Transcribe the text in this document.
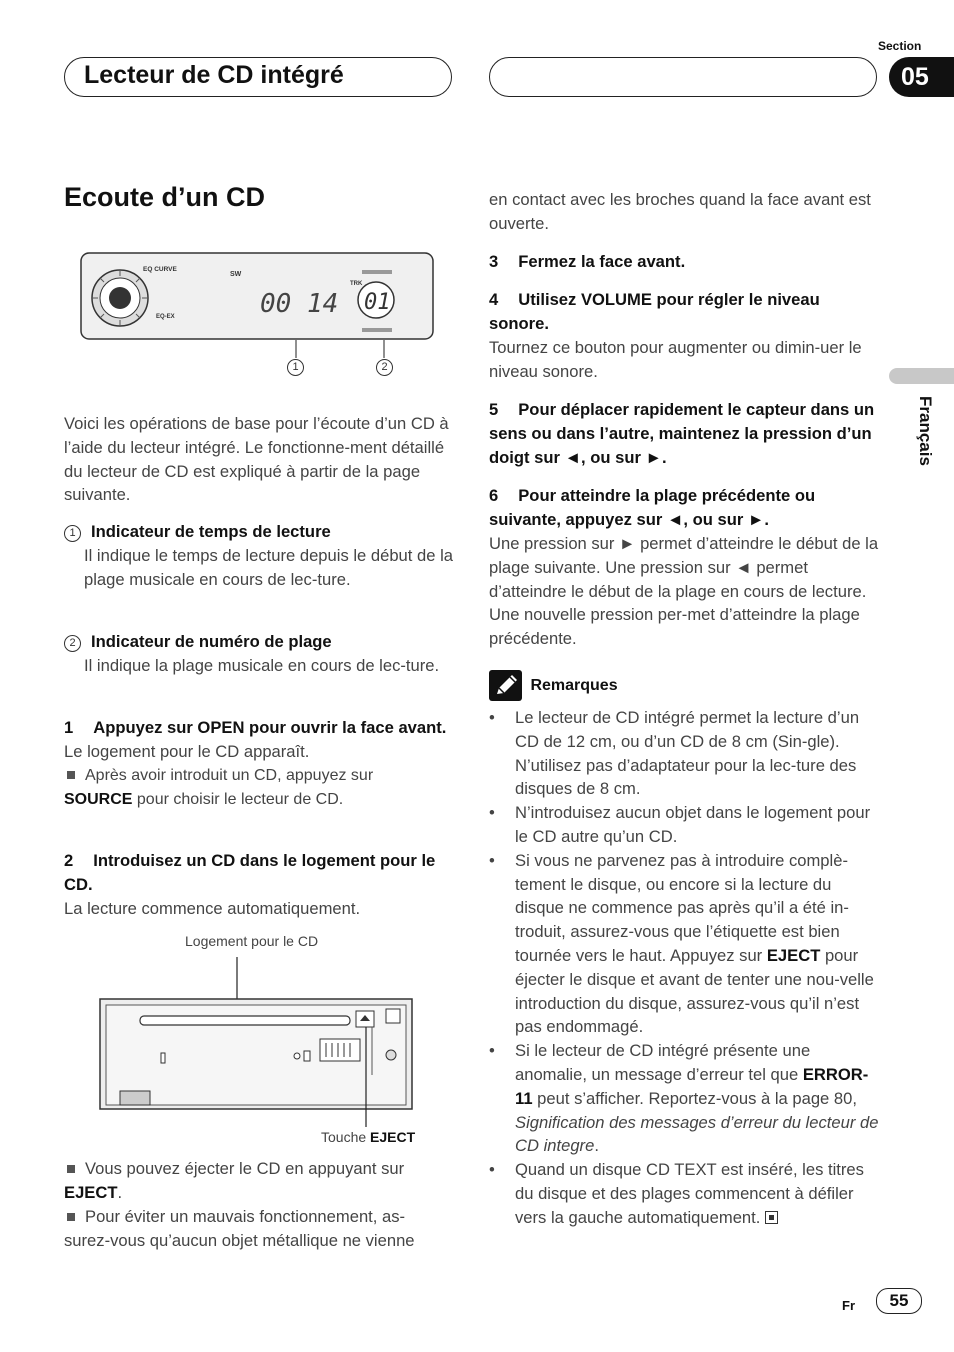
Lecteur de CD intégré
Section
05
Français
Ecoute d’un CD
EQ CURVE
SW
EQ-EX
TRK
00 14 01
1	2

Voici les opérations de base pour l’écoute d’un CD à l’aide du lecteur intégré. Le fonctionne-ment détaillé du lecteur de CD est expliqué à partir de la page suivante.

1 Indicateur de temps de lecture
Il indique le temps de lecture depuis le début de la plage musicale en cours de lec-ture.
2 Indicateur de numéro de plage
Il indique la plage musicale en cours de lec-ture.
1 Appuyez sur OPEN pour ouvrir la face avant.
Le logement pour le CD apparaît.
Après avoir introduit un CD, appuyez sur
SOURCE pour choisir le lecteur de CD.
2 Introduisez un CD dans le logement pour le CD.
La lecture commence automatiquement.
Logement pour le CD
Touche EJECT
Vous pouvez éjecter le CD en appuyant sur
EJECT.
Pour éviter un mauvais fonctionnement, as-surez-vous qu’aucun objet métallique ne vienne

en contact avec les broches quand la face avant est ouverte.

3 Fermez la face avant.
4 Utilisez VOLUME pour régler le niveau sonore.
Tournez ce bouton pour augmenter ou dimin-uer le niveau sonore.
5 Pour déplacer rapidement le capteur dans un sens ou dans l’autre, maintenez la pression d’un doigt sur ◄, ou sur ►.
6 Pour atteindre la plage précédente ou suivante, appuyez sur ◄, ou sur ►.
Une pression sur ► permet d’atteindre le début de la plage suivante. Une pression sur ◄ permet d’atteindre le début de la plage en cours de lecture. Une nouvelle pression per-met d’atteindre la plage précédente.
Remarques
• Le lecteur de CD intégré permet la lecture d’un CD de 12 cm, ou d’un CD de 8 cm (Sin-gle). N’utilisez pas d’adaptateur pour la lec-ture des disques de 8 cm.
• N’introduisez aucun objet dans le logement pour le CD autre qu’un CD.
• Si vous ne parvenez pas à introduire complè-tement le disque, ou encore si la lecture du disque ne commence pas après qu’il a été in-troduit, assurez-vous que l’étiquette est bien tournée vers le haut. Appuyez sur EJECT pour éjecter le disque et avant de tenter une nou-velle introduction du disque, assurez-vous qu’il n’est pas endommagé.
• Si le lecteur de CD intégré présente une anomalie, un message d’erreur tel que ERROR-11 peut s’afficher. Reportez-vous à la page 80, Signification des messages d’erreur du lecteur de CD integre.
• Quand un disque CD TEXT est inséré, les titres du disque et des plages commencent à défiler vers la gauche automatiquement.
Fr	55
